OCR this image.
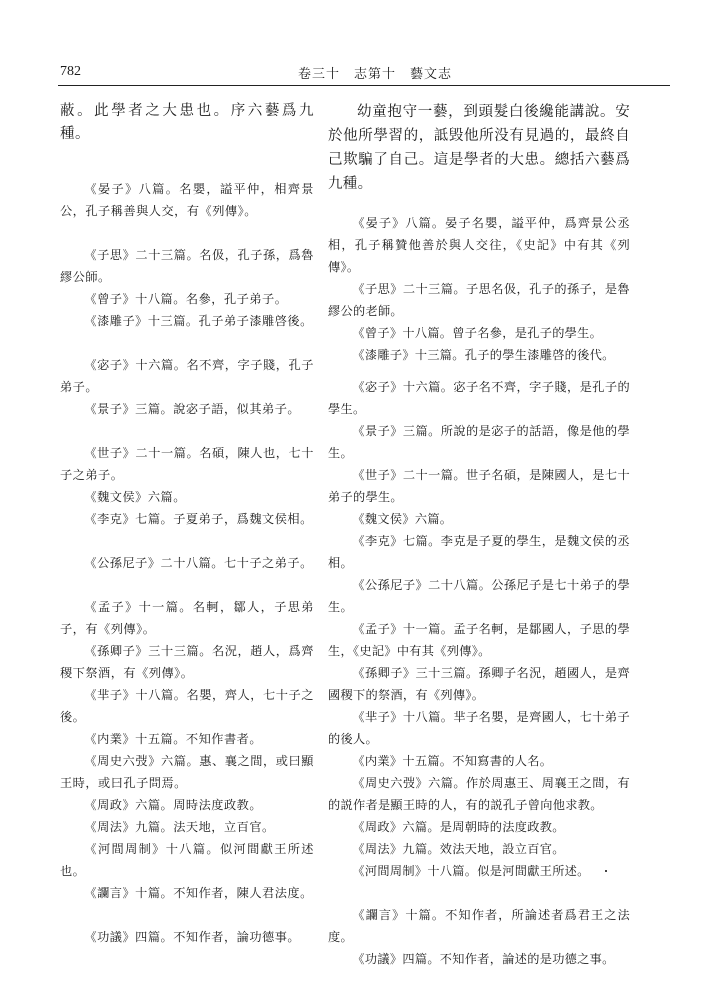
782	卷三十　志第十　藝文志

蔽。此學者之大患也。序六藝爲九種。

《晏子》八篇。名嬰，謚平仲，相齊景公，孔子稱善與人交，有《列傳》。

《子思》二十三篇。名伋，孔子孫，爲魯繆公師。

《曾子》十八篇。名參，孔子弟子。

《漆雕子》十三篇。孔子弟子漆雕啓後。

《宓子》十六篇。名不齊，字子賤，孔子弟子。

《景子》三篇。說宓子語，似其弟子。

《世子》二十一篇。名碩，陳人也，七十子之弟子。

《魏文侯》六篇。

《李克》七篇。子夏弟子，爲魏文侯相。

《公孫尼子》二十八篇。七十子之弟子。

《孟子》十一篇。名軻，鄒人，子思弟子，有《列傳》。

《孫卿子》三十三篇。名況，趙人，爲齊稷下祭酒，有《列傳》。

《芈子》十八篇。名嬰，齊人，七十子之後。

《内業》十五篇。不知作書者。

《周史六弢》六篇。惠、襄之間，或曰顯王時，或曰孔子問焉。

《周政》六篇。周時法度政教。

《周法》九篇。法天地，立百官。

《河間周制》十八篇。似河間獻王所述也。

《讕言》十篇。不知作者，陳人君法度。

《功議》四篇。不知作者，論功德事。

幼童抱守一藝，到頭髮白後纔能講說。安於他所學習的，詆毁他所没有見過的，最終自己欺騙了自己。這是學者的大患。總括六藝爲九種。

《晏子》八篇。晏子名嬰，謚平仲，爲齊景公丞相，孔子稱贊他善於與人交往，《史記》中有其《列傳》。

《子思》二十三篇。子思名伋，孔子的孫子，是魯繆公的老師。

《曾子》十八篇。曾子名參，是孔子的學生。

《漆雕子》十三篇。孔子的學生漆雕啓的後代。

《宓子》十六篇。宓子名不齊，字子賤，是孔子的學生。

《景子》三篇。所說的是宓子的話語，像是他的學生。

《世子》二十一篇。世子名碩，是陳國人，是七十弟子的學生。

《魏文侯》六篇。

《李克》七篇。李克是子夏的學生，是魏文侯的丞相。

《公孫尼子》二十八篇。公孫尼子是七十弟子的學生。

《孟子》十一篇。孟子名軻，是鄒國人，子思的學生，《史記》中有其《列傳》。

《孫卿子》三十三篇。孫卿子名況，趙國人，是齊國稷下的祭酒，有《列傳》。

《芈子》十八篇。芈子名嬰，是齊國人，七十弟子的後人。

《内業》十五篇。不知寫書的人名。

《周史六弢》六篇。作於周惠王、周襄王之間，有的説作者是顯王時的人，有的説孔子曾向他求教。

《周政》六篇。是周朝時的法度政教。

《周法》九篇。效法天地，設立百官。

《河間周制》十八篇。似是河間獻王所述。

《讕言》十篇。不知作者，所論述者爲君王之法度。

《功議》四篇。不知作者，論述的是功德之事。
